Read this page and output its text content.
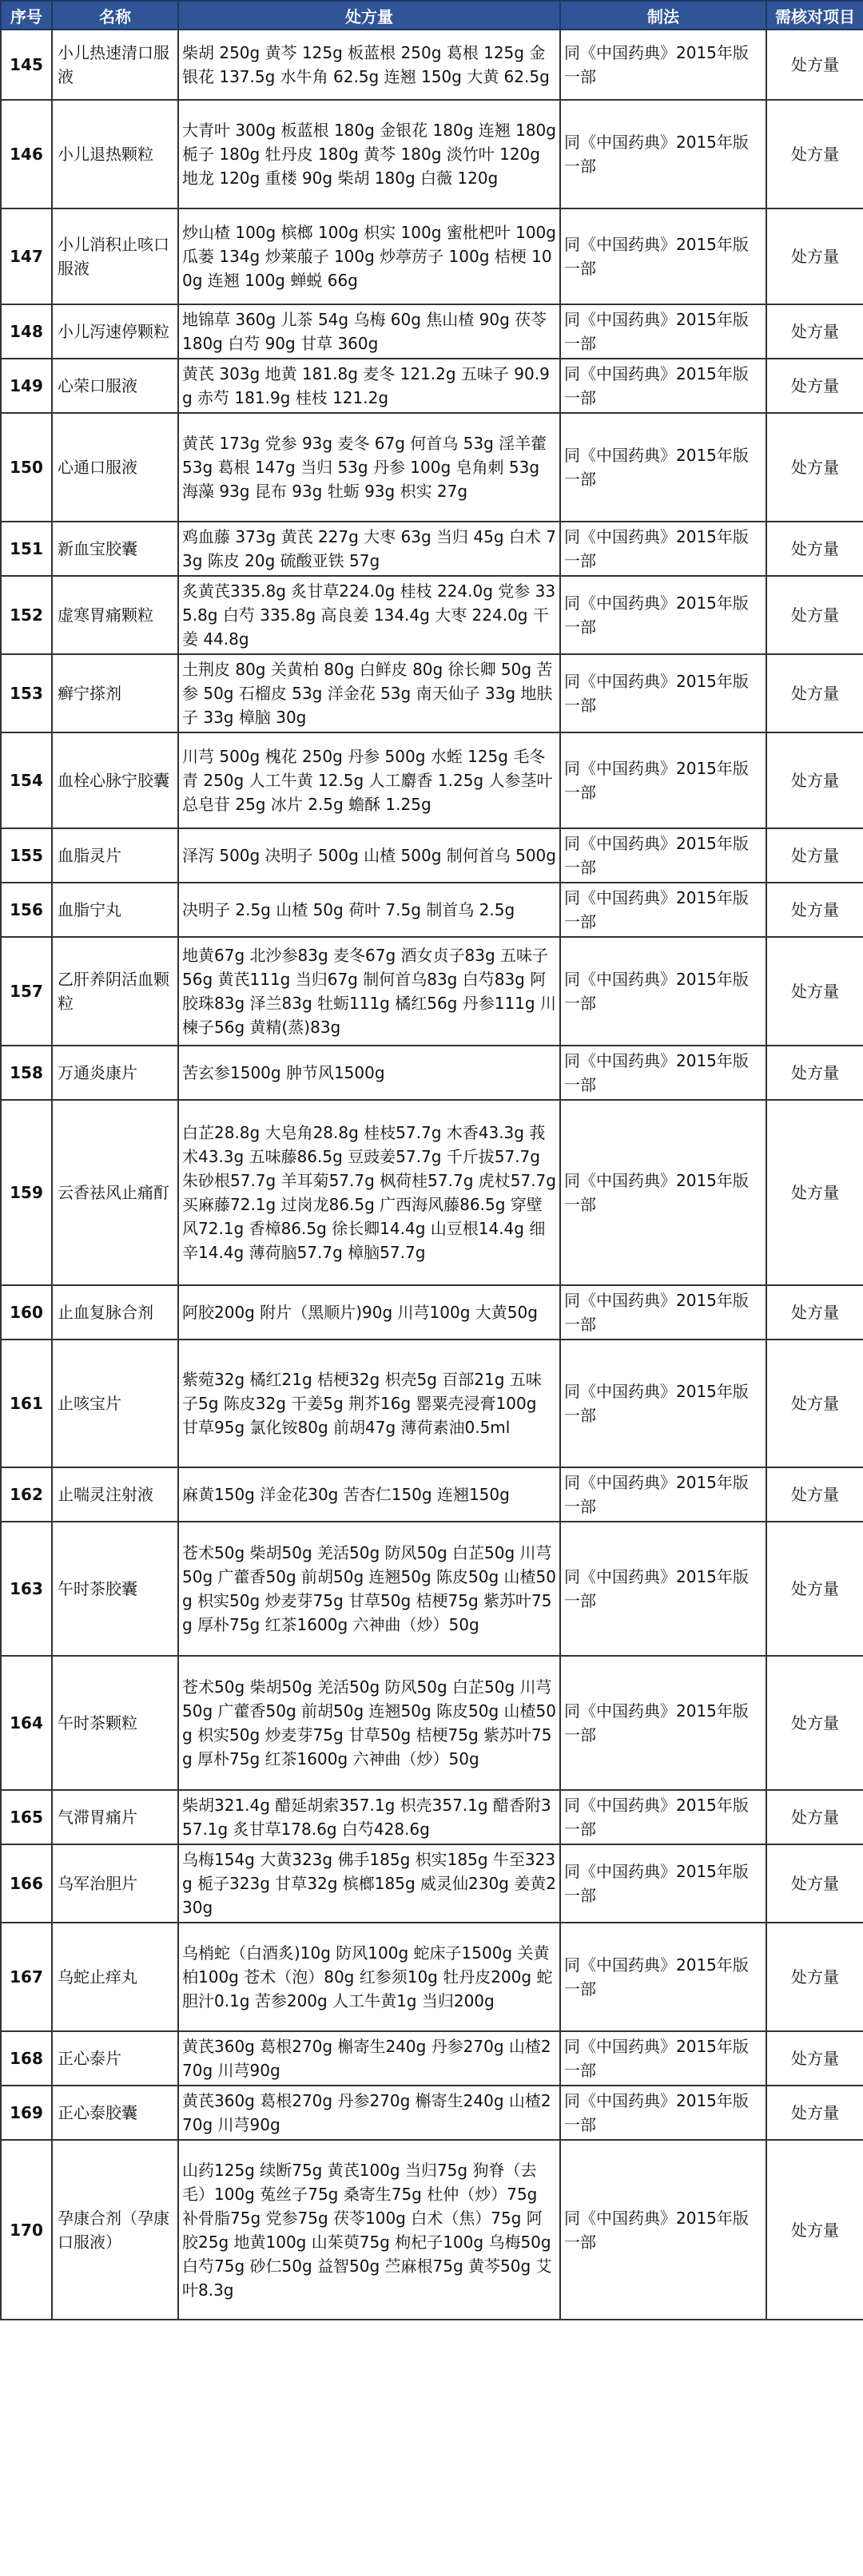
序号	名称	处方量	制法	需核对项目
145	小儿热速清口服液	柴胡 250g 黄芩 125g 板蓝根 250g 葛根 125g 金银花 137.5g 水牛角 62.5g 连翘 150g 大黄 62.5g	同《中国药典》2015年版一部	处方量
146	小儿退热颗粒	大青叶 300g 板蓝根 180g 金银花 180g 连翘 180g 栀子 180g 牡丹皮 180g 黄芩 180g 淡竹叶 120g 地龙 120g 重楼 90g 柴胡 180g 白薇 120g	同《中国药典》2015年版一部	处方量
147	小儿消积止咳口服液	炒山楂 100g 槟榔 100g 枳实 100g 蜜枇杷叶 100g 瓜蒌 134g 炒莱菔子 100g 炒葶苈子 100g 桔梗 100g 连翘 100g 蝉蜕 66g	同《中国药典》2015年版一部	处方量
148	小儿泻速停颗粒	地锦草 360g 儿茶 54g 乌梅 60g 焦山楂 90g 茯苓 180g 白芍 90g 甘草 360g	同《中国药典》2015年版一部	处方量
149	心荣口服液	黄芪 303g 地黄 181.8g 麦冬 121.2g 五味子 90.9g 赤芍 181.9g 桂枝 121.2g	同《中国药典》2015年版一部	处方量
150	心通口服液	黄芪 173g 党参 93g 麦冬 67g 何首乌 53g 淫羊藿 53g 葛根 147g 当归 53g 丹参 100g 皂角刺 53g 海藻 93g 昆布 93g 牡蛎 93g 枳实 27g	同《中国药典》2015年版一部	处方量
151	新血宝胶囊	鸡血藤 373g 黄芪 227g 大枣 63g 当归 45g 白术 73g 陈皮 20g 硫酸亚铁 57g	同《中国药典》2015年版一部	处方量
152	虚寒胃痛颗粒	炙黄芪335.8g 炙甘草224.0g 桂枝 224.0g 党参 335.8g 白芍 335.8g 高良姜 134.4g 大枣 224.0g 干姜 44.8g	同《中国药典》2015年版一部	处方量
153	癣宁搽剂	土荆皮 80g 关黄柏 80g 白鲜皮 80g 徐长卿 50g 苦参 50g 石榴皮 53g 洋金花 53g 南天仙子 33g 地肤子 33g 樟脑 30g	同《中国药典》2015年版一部	处方量
154	血栓心脉宁胶囊	川芎 500g 槐花 250g 丹参 500g 水蛭 125g 毛冬青 250g 人工牛黄 12.5g 人工麝香 1.25g 人参茎叶总皂苷 25g 冰片 2.5g 蟾酥 1.25g	同《中国药典》2015年版一部	处方量
155	血脂灵片	泽泻 500g 决明子 500g 山楂 500g 制何首乌 500g	同《中国药典》2015年版一部	处方量
156	血脂宁丸	决明子 2.5g 山楂 50g 荷叶 7.5g 制首乌 2.5g	同《中国药典》2015年版一部	处方量
157	乙肝养阴活血颗粒	地黄67g 北沙参83g 麦冬67g 酒女贞子83g 五味子56g 黄芪111g 当归67g 制何首乌83g 白芍83g 阿胶珠83g 泽兰83g 牡蛎111g 橘红56g 丹参111g 川楝子56g 黄精(蒸)83g	同《中国药典》2015年版一部	处方量
158	万通炎康片	苦玄参1500g 肿节风1500g	同《中国药典》2015年版一部	处方量
159	云香祛风止痛酊	白芷28.8g 大皂角28.8g 桂枝57.7g 木香43.3g 莪术43.3g 五味藤86.5g 豆豉姜57.7g 千斤拔57.7g 朱砂根57.7g 羊耳菊57.7g 枫荷桂57.7g 虎杖57.7g 买麻藤72.1g 过岗龙86.5g 广西海风藤86.5g 穿壁风72.1g 香樟86.5g 徐长卿14.4g 山豆根14.4g 细辛14.4g 薄荷脑57.7g 樟脑57.7g	同《中国药典》2015年版一部	处方量
160	止血复脉合剂	阿胶200g 附片（黑顺片)90g 川芎100g 大黄50g	同《中国药典》2015年版一部	处方量
161	止咳宝片	紫菀32g 橘红21g 桔梗32g 枳壳5g 百部21g 五味子5g 陈皮32g 干姜5g 荆芥16g 罂粟壳浸膏100g 甘草95g 氯化铵80g 前胡47g 薄荷素油0.5ml	同《中国药典》2015年版一部	处方量
162	止喘灵注射液	麻黄150g 洋金花30g 苦杏仁150g 连翘150g	同《中国药典》2015年版一部	处方量
163	午时茶胶囊	苍术50g 柴胡50g 羌活50g 防风50g 白芷50g 川芎50g 广藿香50g 前胡50g 连翘50g 陈皮50g 山楂50g 枳实50g 炒麦芽75g 甘草50g 桔梗75g 紫苏叶75g 厚朴75g 红茶1600g 六神曲（炒）50g	同《中国药典》2015年版一部	处方量
164	午时茶颗粒	苍术50g 柴胡50g 羌活50g 防风50g 白芷50g 川芎50g 广藿香50g 前胡50g 连翘50g 陈皮50g 山楂50g 枳实50g 炒麦芽75g 甘草50g 桔梗75g 紫苏叶75g 厚朴75g 红茶1600g 六神曲（炒）50g	同《中国药典》2015年版一部	处方量
165	气滞胃痛片	柴胡321.4g 醋延胡索357.1g 枳壳357.1g 醋香附357.1g 炙甘草178.6g 白芍428.6g	同《中国药典》2015年版一部	处方量
166	乌军治胆片	乌梅154g 大黄323g 佛手185g 枳实185g 牛至323g 栀子323g 甘草32g 槟榔185g 威灵仙230g 姜黄230g	同《中国药典》2015年版一部	处方量
167	乌蛇止痒丸	乌梢蛇（白酒炙)10g 防风100g 蛇床子1500g 关黄柏100g 苍术（泡）80g 红参须10g 牡丹皮200g 蛇胆汁0.1g 苦参200g 人工牛黄1g 当归200g	同《中国药典》2015年版一部	处方量
168	正心泰片	黄芪360g 葛根270g 槲寄生240g 丹参270g 山楂270g 川芎90g	同《中国药典》2015年版一部	处方量
169	正心泰胶囊	黄芪360g 葛根270g 丹参270g 槲寄生240g 山楂270g 川芎90g	同《中国药典》2015年版一部	处方量
170	孕康合剂（孕康口服液）	山药125g 续断75g 黄芪100g 当归75g 狗脊（去毛）100g 菟丝子75g 桑寄生75g 杜仲（炒）75g 补骨脂75g 党参75g 茯苓100g 白术（焦）75g 阿胶25g 地黄100g 山茱萸75g 枸杞子100g 乌梅50g 白芍75g 砂仁50g 益智50g 苎麻根75g 黄芩50g 艾叶8.3g	同《中国药典》2015年版一部	处方量
